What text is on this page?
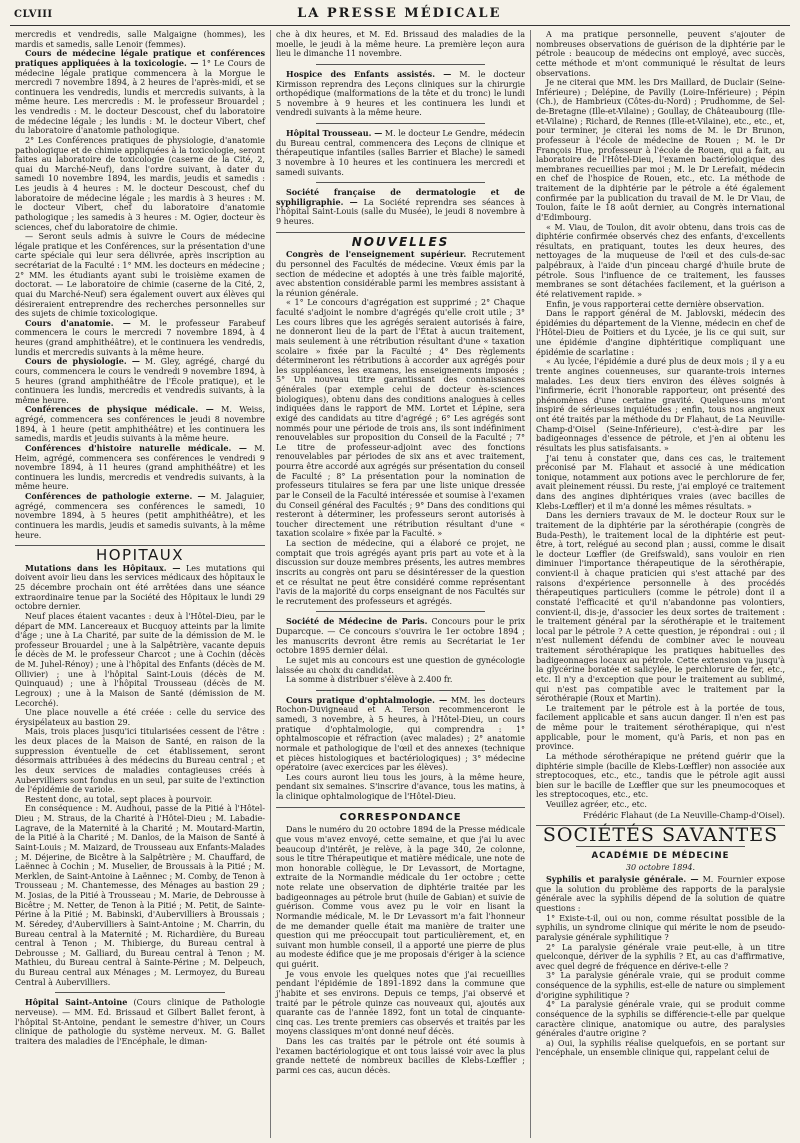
CLVIII	LA PRESSE MÉDICALE

mercredis et vendredis, salle Malgaigne (hommes), les mardis et samedis, salle Lenoir (femmes).

Cours de médecine légale pratique et conférences pratiques appliquées à la toxicologie. — 1° Le Cours de médecine légale pratique commencera à la Morgue le mercredi 7 novembre 1894, à 2 heures de l'après-midi, et se continuera les vendredis, lundis et mercredis suivants, à la même heure. Les mercredis : M. le professeur Brouardel ; les vendredis : M. le docteur Descoust, chef du laboratoire de médecine légale ; les lundis : M. le docteur Vibert, chef du laboratoire d'anatomie pathologique.

2° Les Conférences pratiques de physiologie, d'anatomie pathologique et de chimie appliquées à la toxicologie, seront faites au laboratoire de toxicologie (caserne de la Cité, 2, quai du Marché-Neuf), dans l'ordre suivant, à dater du samedi 10 novembre 1894, les mardis, jeudis et samedis : Les jeudis à 4 heures : M. le docteur Descoust, chef du laboratoire de médecine légale ; les mardis à 3 heures : M. le docteur Vibert, chef du laboratoire d'anatomie pathologique ; les samedis à 3 heures : M. Ogier, docteur ès sciences, chef du laboratoire de chimie.

— Seront seuls admis à suivre le Cours de médecine légale pratique et les Conférences, sur la présentation d'une carte spéciale qui leur sera délivrée, après inscription au secrétariat de la Faculté : 1° MM. les docteurs en médecine ; 2° MM. les étudiants ayant subi le troisième examen de doctorat. — Le laboratoire de chimie (caserne de la Cité, 2, quai du Marché-Neuf) sera également ouvert aux élèves qui désireraient entreprendre des recherches personnelles sur des sujets de chimie toxicologique.

Cours d'anatomie. — M. le professeur Farabeuf commencera le cours le mercredi 7 novembre 1894, à 4 heures (grand amphithéâtre), et le continuera les vendredis, lundis et mercredis suivants à la même heure.

Cours de physiologie. — M. Gley, agrégé, chargé du cours, commencera le cours le vendredi 9 novembre 1894, à 5 heures (grand amphithéâtre de l'École pratique), et le continuera les lundis, mercredis et vendredis suivants, à la même heure.

Conférences de physique médicale. — M. Weiss, agrégé, commencera ses conférences le jeudi 8 novembre 1894, à 1 heure (petit amphithéâtre) et les continuera les samedis, mardis et jeudis suivants à la même heure.

Conférences d'histoire naturelle médicale. — M. Heim, agrégé, commencera ses conférences le vendredi 9 novembre 1894, à 11 heures (grand amphithéâtre) et les continuera les lundis, mercredis et vendredis suivants, à la même heure.

Conférences de pathologie externe. — M. Jalaguier, agrégé, commencera ses conférences le samedi, 10 novembre 1894, à 5 heures (petit amphithéâtre), et les continuera les mardis, jeudis et samedis suivants, à la même heure.

HOPITAUX

Mutations dans les Hôpitaux. — Les mutations qui doivent avoir lieu dans les services médicaux des hôpitaux le 25 décembre prochain ont été arrêtées dans une séance extraordinaire tenue par la Société des Hôpitaux le lundi 29 octobre dernier.

Neuf places étaient vacantes : deux à l'Hôtel-Dieu, par le départ de MM. Lancereaux et Bucquoy atteints par la limite d'âge ; une à La Charité, par suite de la démission de M. le professeur Brouardel ; une à la Salpêtrière, vacante depuis le décès de M. le professeur Charcot ; une à Cochin (décès de M. Juhel-Rénoy) ; une à l'hôpital des Enfants (décès de M. Ollivier) ; une à l'hôpital Saint-Louis (décès de M. Quinquaud) ; une à l'hôpital Trousseau (décès de M. Legroux) ; une à la Maison de Santé (démission de M. Lecorché).

Une place nouvelle a été créée : celle du service des érysipélateux au bastion 29.

Mais, trois places jusqu'ici titularisées cessent de l'être : les deux places de la Maison de Santé, en raison de la suppression éventuelle de cet établissement, seront désormais attribuées à des médecins du Bureau central ; et les deux services de maladies contagieuses créés à Aubervilliers sont fondus en un seul, par suite de l'extinction de l'épidémie de variole.

Restent donc, au total, sept places à pourvoir.

En conséquence : M. Audhoui, passe de la Pitié à l'Hôtel-Dieu ; M. Straus, de la Charité à l'Hôtel-Dieu ; M. Labadie-Lagrave, de la Maternité à la Charité ; M. Moutard-Martin, de la Pitié à la Charité ; M. Danlos, de la Maison de Santé à Saint-Louis ; M. Maizard, de Trousseau aux Enfants-Malades ; M. Déjerine, de Bicêtre à la Salpêtrière ; M. Chauffard, de Laënnec à Cochin ; M. Muselier, de Broussais à la Pitié ; M. Merklen, de Saint-Antoine à Laënnec ; M. Comby, de Tenon à Trousseau ; M. Chantemesse, des Ménages au bastion 29 ; M. Josias, de la Pitié à Trousseau ; M. Marie, de Debrousse à Bicêtre ; M. Netter, de Tenon à la Pitié ; M. Petit, de Sainte-Périne à la Pitié ; M. Babinski, d'Aubervilliers à Broussais ; M. Séredey, d'Aubervilliers à Saint-Antoine ; M. Charrin, du Bureau central à la Maternité ; M. Richardière, du Bureau central à Tenon ; M. Thibierge, du Bureau central à Debrousse ; M. Galliard, du Bureau central à Tenon ; M. Mathieu, du Bureau central à Sainte-Périne ; M. Delpeuch, du Bureau central aux Ménages ; M. Lermoyez, du Bureau Central à Aubervilliers.

Hôpital Saint-Antoine (Cours clinique de Pathologie nerveuse). — MM. Ed. Brissaud et Gilbert Ballet feront, à l'hôpital St-Antoine, pendant le semestre d'hiver, un Cours clinique de pathologie du système nerveux. M. G. Ballet traitera des maladies de l'Encéphale, le diman-

che à dix heures, et M. Ed. Brissaud des maladies de la moelle, le jeudi à la même heure. La première leçon aura lieu le dimanche 11 novembre.

Hospice des Enfants assistés. — M. le docteur Kirmisson reprendra des Leçons cliniques sur la chirurgie orthopédique (malformations de la tête et du tronc) le lundi 5 novembre à 9 heures et les continuera les lundi et vendredi suivants à la même heure.

Hôpital Trousseau. — M. le docteur Le Gendre, médecin du Bureau central, commencera des Leçons de clinique et thérapeutique infantiles (salles Barrier et Blache) le samedi 3 novembre à 10 heures et les continuera les mercredi et samedi suivants.

Société française de dermatologie et de syphiligraphie. — La Société reprendra ses séances à l'hôpital Saint-Louis (salle du Musée), le jeudi 8 novembre à 9 heures.

NOUVELLES

Congrès de l'enseignement supérieur. Recrutement du personnel des Facultés de médecine. Vœux émis par la section de médecine et adoptés à une très faible majorité, avec abstention considérable parmi les membres assistant à la réunion générale.

« 1° Le concours d'agrégation est supprimé ; 2° Chaque faculté s'adjoint le nombre d'agrégés qu'elle croit utile ; 3° Les cours libres que les agrégés seraient autorisés à faire, ne donneront lieu de la part de l'État à aucun traitement, mais seulement à une rétribution résultant d'une « taxation scolaire » fixée par la Faculté ; 4° Des règlements détermineront les rétributions à accorder aux agrégés pour les suppléances, les examens, les enseignements imposés ; 5° Un nouveau titre garantissant des connaissances générales (par exemple celui de docteur ès-sciences biologiques), obtenu dans des conditions analogues à celles indiquées dans le rapport de MM. Lortet et Lépine, sera exigé des candidats au titre d'agrégé ; 6° Les agrégés sont nommés pour une période de trois ans, ils sont indéfiniment renouvelables sur proposition du Conseil de la Faculté ; 7° Le titre de professeur-adjoint avec des fonctions renouvelables par périodes de six ans et avec traitement, pourra être accordé aux agrégés sur présentation du conseil de Faculté ; 8° La présentation pour la nomination de professeurs titulaires se fera par une liste unique dressée par le Conseil de la Faculté intéressée et soumise à l'examen du Conseil général des Facultés ; 9° Dans des conditions qui resteront à déterminer, les professeurs seront autorisés à toucher directement une rétribution résultant d'une « taxation scolaire » fixée par la Faculté. »

La section de médecine, qui a élaboré ce projet, ne comptait que trois agrégés ayant pris part au vote et à la discussion sur douze membres présents, les autres membres inscrits au congrès ont paru se désintéresser de la question et ce résultat ne peut être considéré comme représentant l'avis de la majorité du corps enseignant de nos Facultés sur le recrutement des professeurs et agrégés.

Société de Médecine de Paris. Concours pour le prix Duparcque. — Ce concours s'ouvrira le 1er octobre 1894 ; les manuscrits devront être remis au Secrétariat le 1er octobre 1895 dernier délai.

Le sujet mis au concours est une question de gynécologie laissée au choix du candidat.

La somme à distribuer s'élève à 2.400 fr.

Cours pratique d'ophtalmologie. — MM. les docteurs Rochon-Duvigneaud et A. Terson recommenceront le samedi, 3 novembre, à 5 heures, à l'Hôtel-Dieu, un cours pratique d'ophtalmologie, qui comprendra : 1° ophtalmoscopie et réfraction (avec malades) ; 2° anatomie normale et pathologique de l'œil et des annexes (technique et pièces histologiques et bactériologiques) ; 3° médecine opératoire (avec exercices par les élèves).

Les cours auront lieu tous les jours, à la même heure, pendant six semaines. S'inscrire d'avance, tous les matins, à la clinique ophtalmologique de l'Hôtel-Dieu.

CORRESPONDANCE

Dans le numéro du 20 octobre 1894 de la Presse médicale que vous m'avez envoyé, cette semaine, et que j'ai lu avec beaucoup d'intérêt, je relève, à la page 340, 2e colonne, sous le titre Thérapeutique et matière médicale, une note de mon honorable collègue, le Dr Levassort, de Mortagne, extraite de la Normandie médicale du 1er octobre ; cette note relate une observation de diphtérie traitée par les badigeonnages au pétrole brut (huile de Gabian) et suivie de guérison. Comme vous avez pu le voir en lisant la Normandie médicale, M. le Dr Levassort m'a fait l'honneur de me demander quelle était ma manière de traiter une question qui me préoccupait tout particulièrement, et, en suivant mon humble conseil, il a apporté une pierre de plus au modeste édifice que je me proposais d'ériger à la science qui guérit.

Je vous envoie les quelques notes que j'ai recueillies pendant l'épidémie de 1891-1892 dans la commune que j'habite et ses environs. Depuis ce temps, j'ai observé et traité par le pétrole quinze cas nouveaux qui, ajoutés aux quarante cas de l'année 1892, font un total de cinquante-cinq cas. Les trente premiers cas observés et traités par les moyens classiques m'ont donné neuf décès.

Dans les cas traités par le pétrole ont été soumis à l'examen bactériologique et ont tous laissé voir avec la plus grande netteté de nombreux bacilles de Klebs-Lœffler ; parmi ces cas, aucun décès.

A ma pratique personnelle, peuvent s'ajouter de nombreuses observations de guérison de la diphtérie par le pétrole : beaucoup de médecins ont employé, avec succès, cette méthode et m'ont communiqué le résultat de leurs observations.

Je ne citerai que MM. les Drs Maillard, de Duclair (Seine-Inférieure) ; Delépine, de Pavilly (Loire-Inférieure) ; Pépin (Ch.), de Hambrieux (Côtes-du-Nord) ; Prudhomme, de Sel-de-Bretagne (Ille-et-Vilaine) ; Goullay, de Châteaubourg (Ille-et-Vilaine) ; Richard, de Rennes (Ille-et-Vilaine), etc., etc., et, pour terminer, je citerai les noms de M. le Dr Brunon, professeur à l'école de médecine de Rouen ; M. le Dr François Hue, professeur à l'école de Rouen, qui a fait, au laboratoire de l'Hôtel-Dieu, l'examen bactériologique des membranes recueillies par moi ; M. le Dr Lerefait, médecin en chef de l'hospice de Rouen, etc., etc. La méthode de traitement de la diphtérie par le pétrole a été également confirmée par la publication du travail de M. le Dr Viau, de Toulon, faite le 18 août dernier, au Congrès international d'Edimbourg.

« M. Viau, de Toulon, dit avoir obtenu, dans trois cas de diphtérie confirmée observés chez des enfants, d'excellents résultats, en pratiquant, toutes les deux heures, des nettoyages de la muqueuse de l'œil et des culs-de-sac palpébraux, à l'aide d'un pinceau chargé d'huile brute de pétrole. Sous l'influence de ce traitement, les fausses membranes se sont détachées facilement, et la guérison a été relativement rapide. »

Enfin, je vous rapporterai cette dernière observation.

Dans le rapport général de M. Jablovski, médecin des épidémies du département de la Vienne, médecin en chef de l'Hôtel-Dieu de Poitiers et du Lycée, je lis ce qui suit, sur une épidémie d'angine diphtéritique compliquant une épidémie de scarlatine :

« Au lycée, l'épidémie a duré plus de deux mois ; il y a eu trente angines couenneuses, sur quarante-trois internes malades. Les deux tiers environ des élèves soignés à l'infirmerie, écrit l'honorable rapporteur, ont présenté des phénomènes d'une certaine gravité. Quelques-uns m'ont inspiré de sérieuses inquiétudes ; enfin, tous nos angineux ont été traités par la méthode du Dr Flahaut, de La Neuville-Champ-d'Oisel (Seine-Inférieure), c'est-à-dire par les badigeonnages d'essence de pétrole, et j'en ai obtenu les résultats les plus satisfaisants. »

J'ai tenu à constater que, dans ces cas, le traitement préconisé par M. Flahaut et associé à une médication tonique, notamment aux potions avec le perchlorure de fer, avait pleinement réussi. Du reste, j'ai employé ce traitement dans des angines diphtériques vraies (avec bacilles de Klebs-Lœffler) et il m'a donné les mêmes résultats. »

Dans les derniers travaux de M. le docteur Roux sur le traitement de la diphtérie par la sérothérapie (congrès de Buda-Pesth), le traitement local de la diphtérie est peut-être, à tort, relégué au second plan ; aussi, comme le disait le docteur Lœffler (de Greifswald), sans vouloir en rien diminuer l'importance thérapeutique de la sérothérapie, convient-il à chaque praticien qui s'est attaché par des raisons d'expérience personnelle à des procédés thérapeutiques particuliers (comme le pétrole) dont il a constaté l'efficacité et qu'il n'abandonne pas volontiers, convient-il, dis-je, d'associer les deux sortes de traitement : le traitement général par la sérothérapie et le traitement local par le pétrole ? A cette question, je répondrai : oui ; il n'est nullement défendu de combiner avec le nouveau traitement sérothérapique les pratiques habituelles des badigeonnages locaux au pétrole. Cette extension va jusqu'à la glycérine boratée et salicylée, le perchlorure de fer, etc., etc. Il n'y a d'exception que pour le traitement au sublimé, qui n'est pas compatible avec le traitement par la sérothérapie (Roux et Martin).

Le traitement par le pétrole est à la portée de tous, facilement applicable et sans aucun danger. Il n'en est pas de même pour le traitement sérothérapique, qui n'est applicable, pour le moment, qu'à Paris, et non pas en province.

La méthode sérothérapique ne prétend guérir que la diphtérie simple (bacille de Klebs-Lœffler) non associée aux streptocoques, etc., etc., tandis que le pétrole agit aussi bien sur le bacille de Lœffler que sur les pneumocoques et les streptocoques, etc., etc.

Veuillez agréer, etc., etc.

Frédéric Flahaut (de La Neuville-Champ-d'Oisel).

SOCIÉTÉS SAVANTES
ACADÉMIE DE MÉDECINE
30 octobre 1894.

Syphilis et paralysie générale. — M. Fournier expose que la solution du problème des rapports de la paralysie générale avec la syphilis dépend de la solution de quatre questions :

1° Existe-t-il, oui ou non, comme résultat possible de la syphilis, un syndrome clinique qui mérite le nom de pseudo-paralysie générale syphilitique ?

2° La paralysie générale vraie peut-elle, à un titre quelconque, dériver de la syphilis ? Et, au cas d'affirmative, avec quel degré de fréquence en dérive-t-elle ?

3° La paralysie générale vraie, qui se produit comme conséquence de la syphilis, est-elle de nature ou simplement d'origine syphilitique ?

4° La paralysie générale vraie, qui se produit comme conséquence de la syphilis se différencie-t-elle par quelque caractère clinique, anatomique ou autre, des paralysies générales d'autre origine ?

a) Oui, la syphilis réalise quelquefois, en se portant sur l'encéphale, un ensemble clinique qui, rappelant celui de
